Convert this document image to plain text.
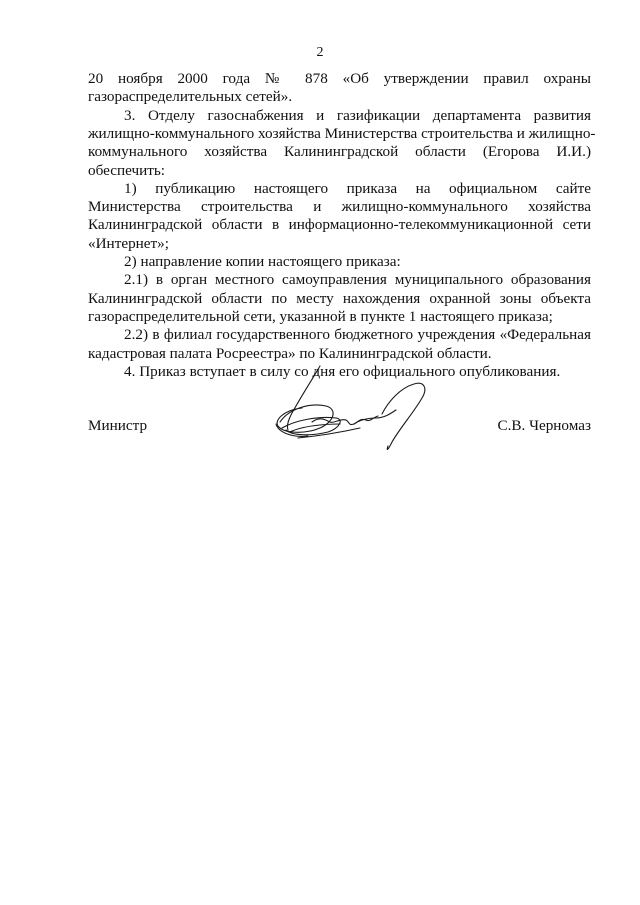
2
20 ноября 2000 года № 878 «Об утверждении правил охраны
газораспределительных сетей».
3. Отделу газоснабжения и газификации департамента развития
жилищно-коммунального хозяйства Министерства строительства и жилищно-
коммунального хозяйства Калининградской области (Егорова И.И.)
обеспечить:
1) публикацию настоящего приказа на официальном сайте
Министерства строительства и жилищно-коммунального хозяйства
Калининградской области в информационно-телекоммуникационной сети
«Интернет»;
2) направление копии настоящего приказа:
2.1) в орган местного самоуправления муниципального образования
Калининградской области по месту нахождения охранной зоны объекта
газораспределительной сети, указанной в пункте 1 настоящего приказа;
2.2) в филиал государственного бюджетного учреждения «Федеральная
кадастровая палата Росреестра» по Калининградской области.
4. Приказ вступает в силу со дня его официального опубликования.
Министр	С.В. Черномаз
